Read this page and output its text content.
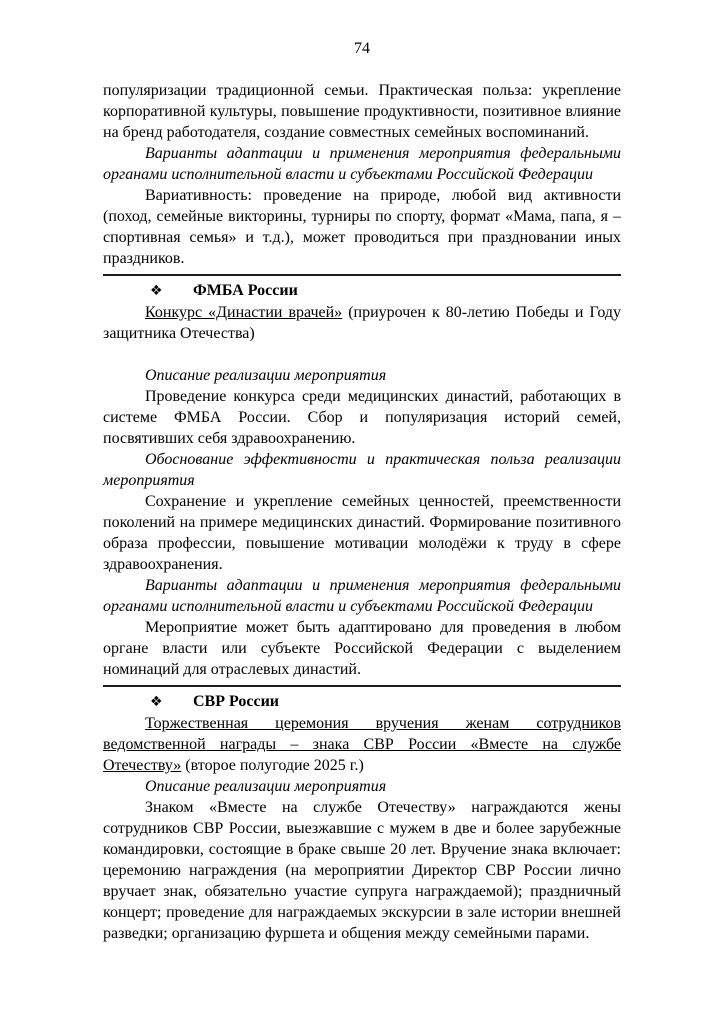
74

популяризации традиционной семьи. Практическая польза: укрепление корпоративной культуры, повышение продуктивности, позитивное влияние на бренд работодателя, создание совместных семейных воспоминаний.

Варианты адаптации и применения мероприятия федеральными органами исполнительной власти и субъектами Российской Федерации

Вариативность: проведение на природе, любой вид активности (поход, семейные викторины, турниры по спорту, формат «Мама, папа, я – спортивная семья» и т.д.), может проводиться при праздновании иных праздников.

❖ ФМБА России

Конкурс «Династии врачей» (приурочен к 80-летию Победы и Году защитника Отечества)

Описание реализации мероприятия

Проведение конкурса среди медицинских династий, работающих в системе ФМБА России. Сбор и популяризация историй семей, посвятивших себя здравоохранению.

Обоснование эффективности и практическая польза реализации мероприятия

Сохранение и укрепление семейных ценностей, преемственности поколений на примере медицинских династий. Формирование позитивного образа профессии, повышение мотивации молодёжи к труду в сфере здравоохранения.

Варианты адаптации и применения мероприятия федеральными органами исполнительной власти и субъектами Российской Федерации

Мероприятие может быть адаптировано для проведения в любом органе власти или субъекте Российской Федерации с выделением номинаций для отраслевых династий.

❖ СВР России

Торжественная церемония вручения женам сотрудников ведомственной награды – знака СВР России «Вместе на службе Отечеству» (второе полугодие 2025 г.)

Описание реализации мероприятия

Знаком «Вместе на службе Отечеству» награждаются жены сотрудников СВР России, выезжавшие с мужем в две и более зарубежные командировки, состоящие в браке свыше 20 лет. Вручение знака включает: церемонию награждения (на мероприятии Директор СВР России лично вручает знак, обязательно участие супруга награждаемой); праздничный концерт; проведение для награждаемых экскурсии в зале истории внешней разведки; организацию фуршета и общения между семейными парами.
